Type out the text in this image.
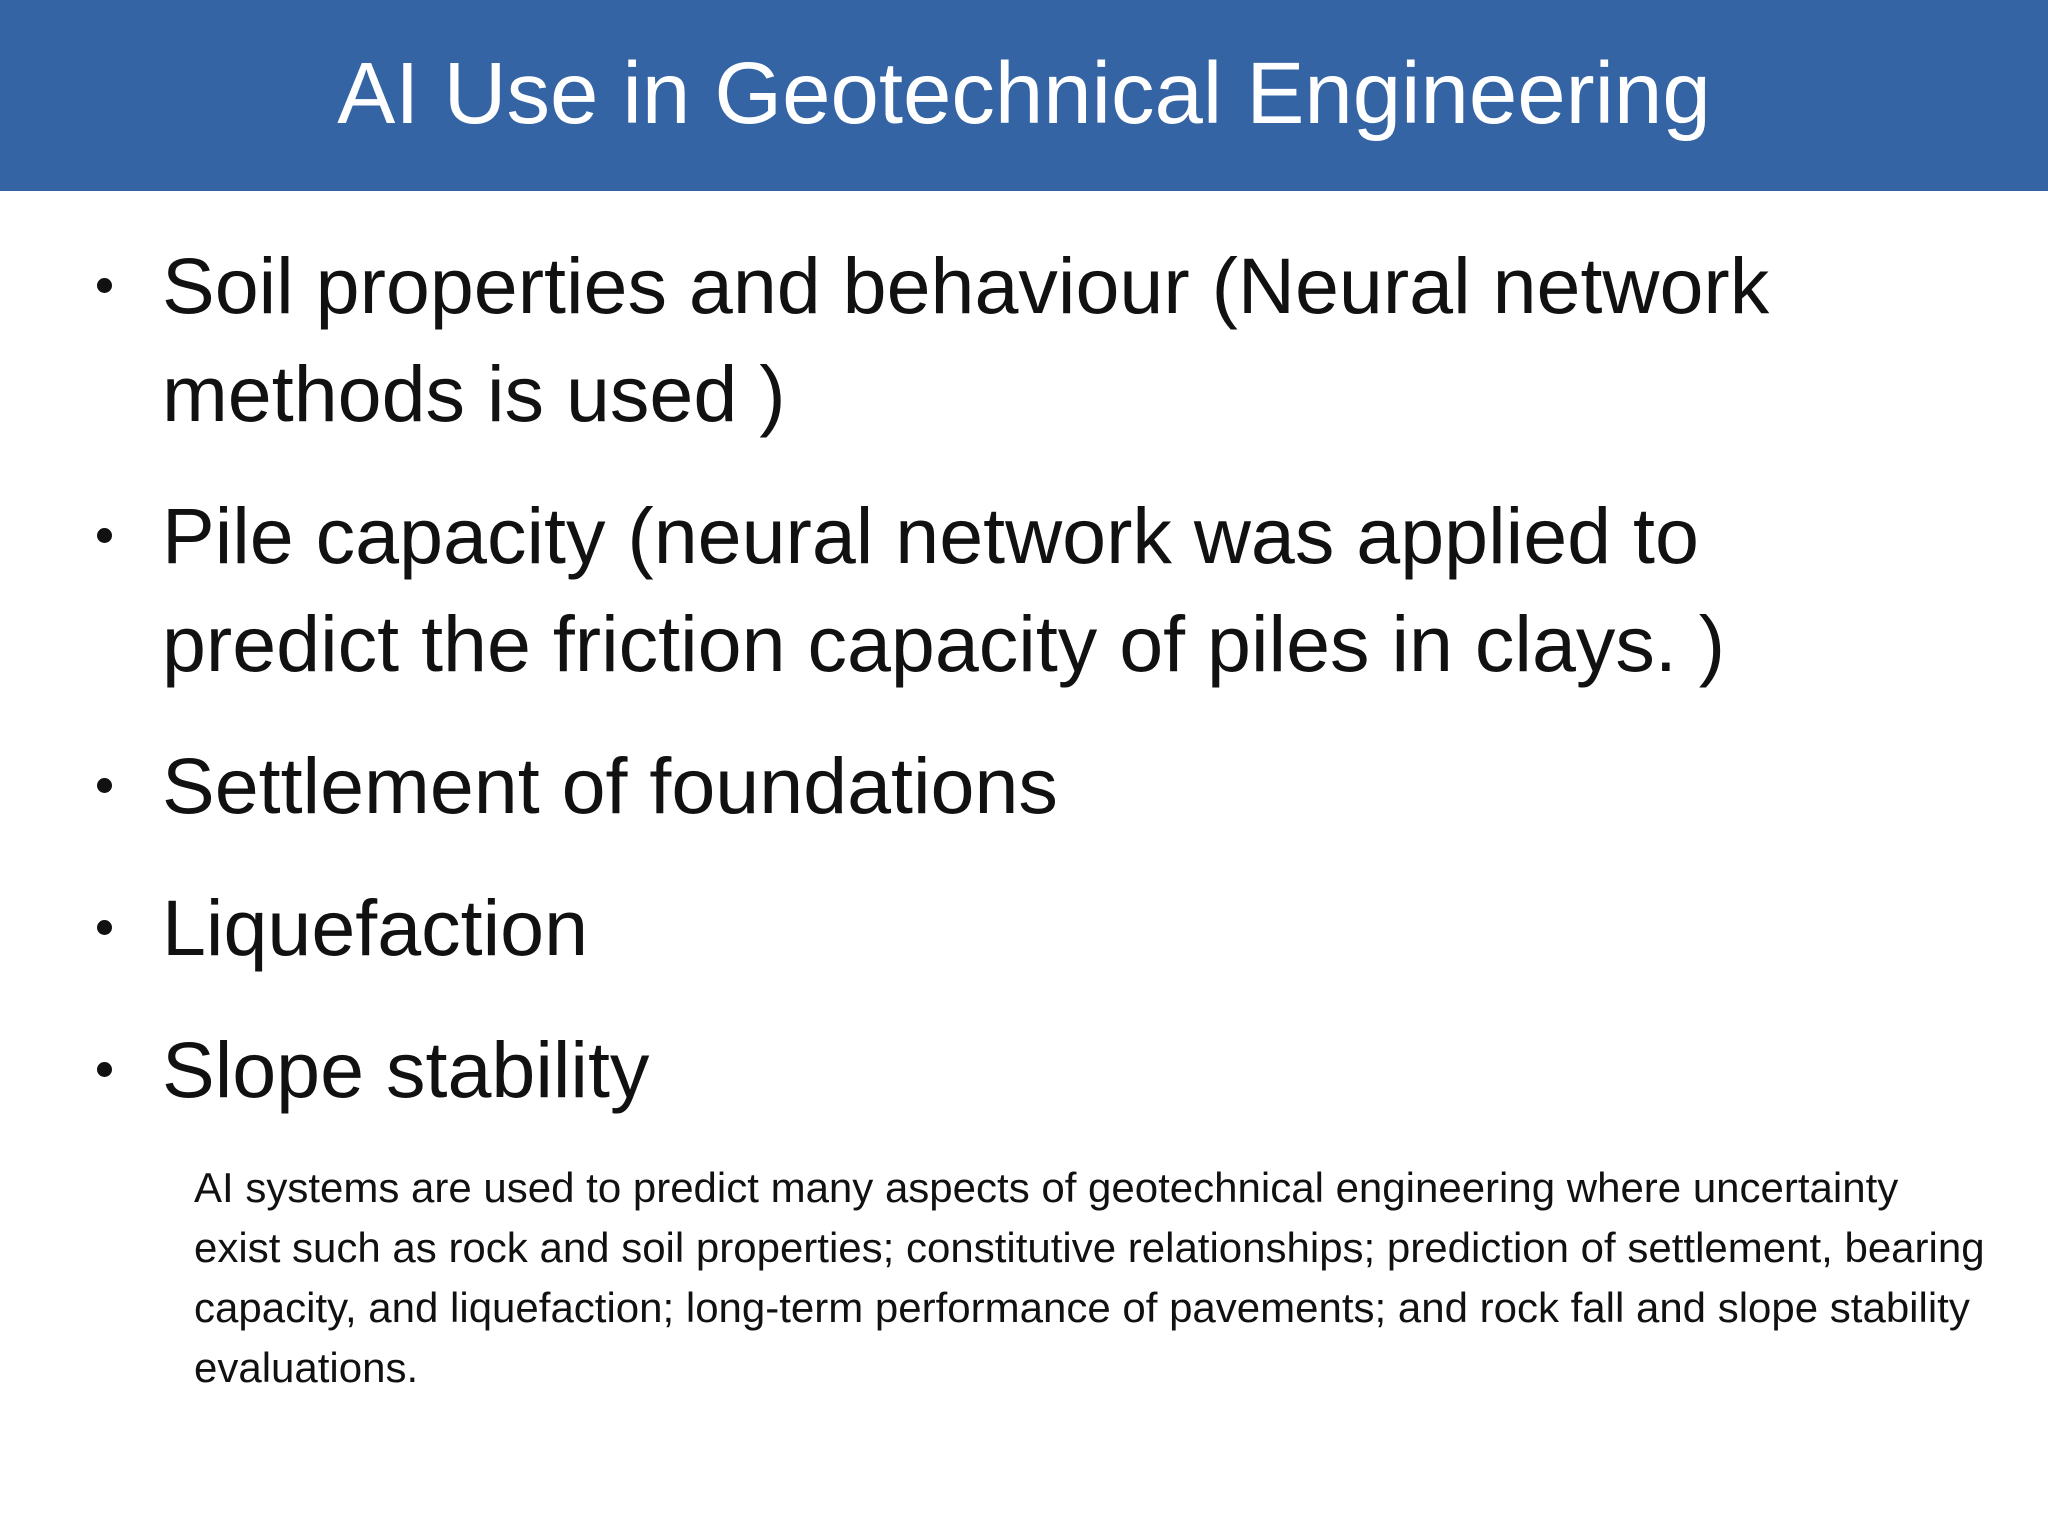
AI Use in Geotechnical Engineering
Soil properties and behaviour (Neural network methods is used )
Pile capacity (neural network was applied to predict the friction capacity of piles in clays. )
Settlement of foundations
Liquefaction
Slope stability

AI systems are used to predict many aspects of geotechnical engineering where uncertainty exist such as rock and soil properties; constitutive relationships; prediction of settlement, bearing capacity, and liquefaction; long-term performance of pavements; and rock fall and slope stability evaluations.
